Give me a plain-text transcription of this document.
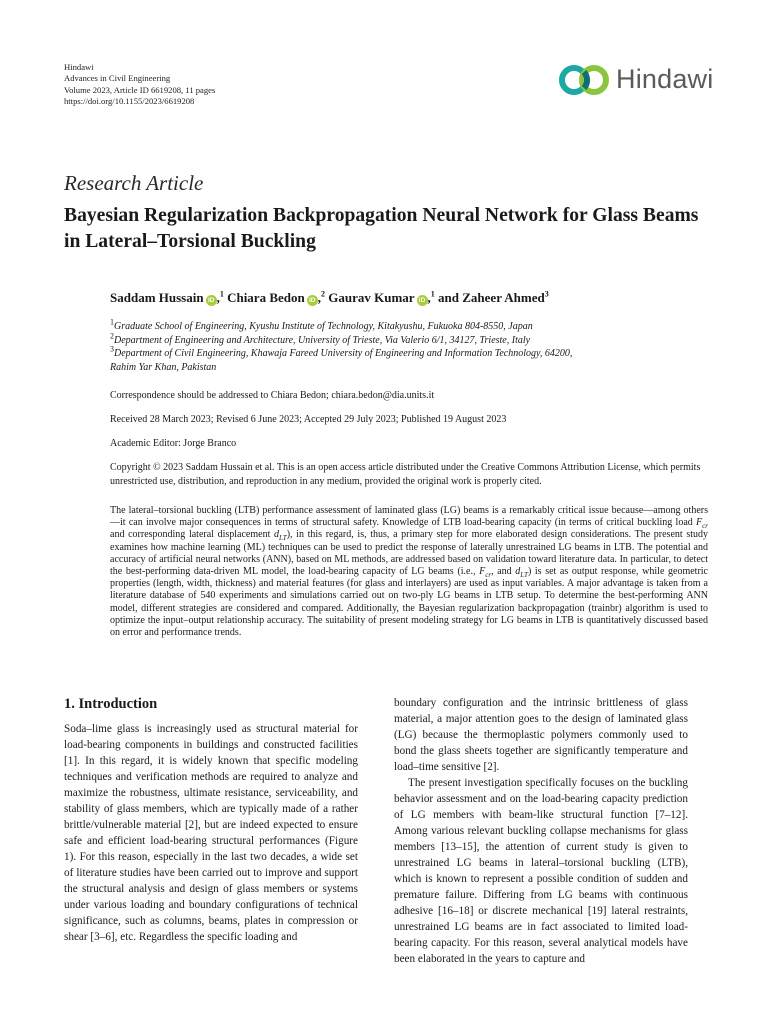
Hindawi
Advances in Civil Engineering
Volume 2023, Article ID 6619208, 11 pages
https://doi.org/10.1155/2023/6619208
Hindawi
Research Article
Bayesian Regularization Backpropagation Neural Network for Glass Beams in Lateral–Torsional Buckling
Saddam Hussain iD ,$^1$ Chiara Bedon iD ,$^2$ Gaurav Kumar iD ,$^1$ and Zaheer Ahmed$^3$
$^1$Graduate School of Engineering, Kyushu Institute of Technology, Kitakyushu, Fukuoka 804-8550, Japan
$^2$Department of Engineering and Architecture, University of Trieste, Via Valerio 6/1, 34127, Trieste, Italy
$^3$Department of Civil Engineering, Khawaja Fareed University of Engineering and Information Technology, 64200,
Rahim Yar Khan, Pakistan
Correspondence should be addressed to Chiara Bedon; chiara.bedon@dia.units.it
Received 28 March 2023; Revised 6 June 2023; Accepted 29 July 2023; Published 19 August 2023
Academic Editor: Jorge Branco
Copyright © 2023 Saddam Hussain et al. This is an open access article distributed under the Creative Commons Attribution License, which permits unrestricted use, distribution, and reproduction in any medium, provided the original work is properly cited.
The lateral–torsional buckling (LTB) performance assessment of laminated glass (LG) beams is a remarkably critical issue because—among others—it can involve major consequences in terms of structural safety. Knowledge of LTB load-bearing capacity (in terms of critical buckling load $F_{cr}$ and corresponding lateral displacement $d_{LT}$), in this regard, is, thus, a primary step for more elaborated design considerations. The present study examines how machine learning (ML) techniques can be used to predict the response of laterally unrestrained LG beams in LTB. The potential and accuracy of artificial neural networks (ANN), based on ML methods, are addressed based on validation toward literature data. In particular, to detect the best-performing data-driven ML model, the load-bearing capacity of LG beams (i.e., $F_{cr}$, and $d_{LT}$) is set as output response, while geometric properties (length, width, thickness) and material features (for glass and interlayers) are used as input variables. A major advantage is taken from a literature database of 540 experiments and simulations carried out on two-ply LG beams in LTB setup. To determine the best-performing ANN model, different strategies are considered and compared. Additionally, the Bayesian regularization backpropagation (trainbr) algorithm is used to optimize the input–output relationship accuracy. The suitability of present modeling strategy for LG beams in LTB is quantitatively discussed based on error and performance trends.
1. Introduction

Soda–lime glass is increasingly used as structural material for load-bearing components in buildings and constructed facilities [1]. In this regard, it is widely known that specific modeling techniques and verification methods are required to analyze and maximize the robustness, ultimate resistance, serviceability, and stability of glass members, which are typically made of a rather brittle/vulnerable material [2], but are indeed expected to ensure safe and efficient load-bearing structural performances (Figure 1). For this reason, especially in the last two decades, a wide set of literature studies have been carried out to improve and support the structural analysis and design of glass members or systems under various loading and boundary configurations of technical significance, such as columns, beams, plates in compression or shear [3–6], etc. Regardless the specific loading and

boundary configuration and the intrinsic brittleness of glass material, a major attention goes to the design of laminated glass (LG) because the thermoplastic polymers commonly used to bond the glass sheets together are significantly temperature and load–time sensitive [2].

The present investigation specifically focuses on the buckling behavior assessment and on the load-bearing capacity prediction of LG members with beam-like structural function [7–12]. Among various relevant buckling collapse mechanisms for glass members [13–15], the attention of current study is given to unrestrained LG beams in lateral–torsional buckling (LTB), which is known to represent a possible condition of sudden and premature failure. Differing from LG beams with continuous adhesive [16–18] or discrete mechanical [19] lateral restraints, unrestrained LG beams are in fact associated to limited load-bearing capacity. For this reason, several analytical models have been elaborated in the years to capture and
